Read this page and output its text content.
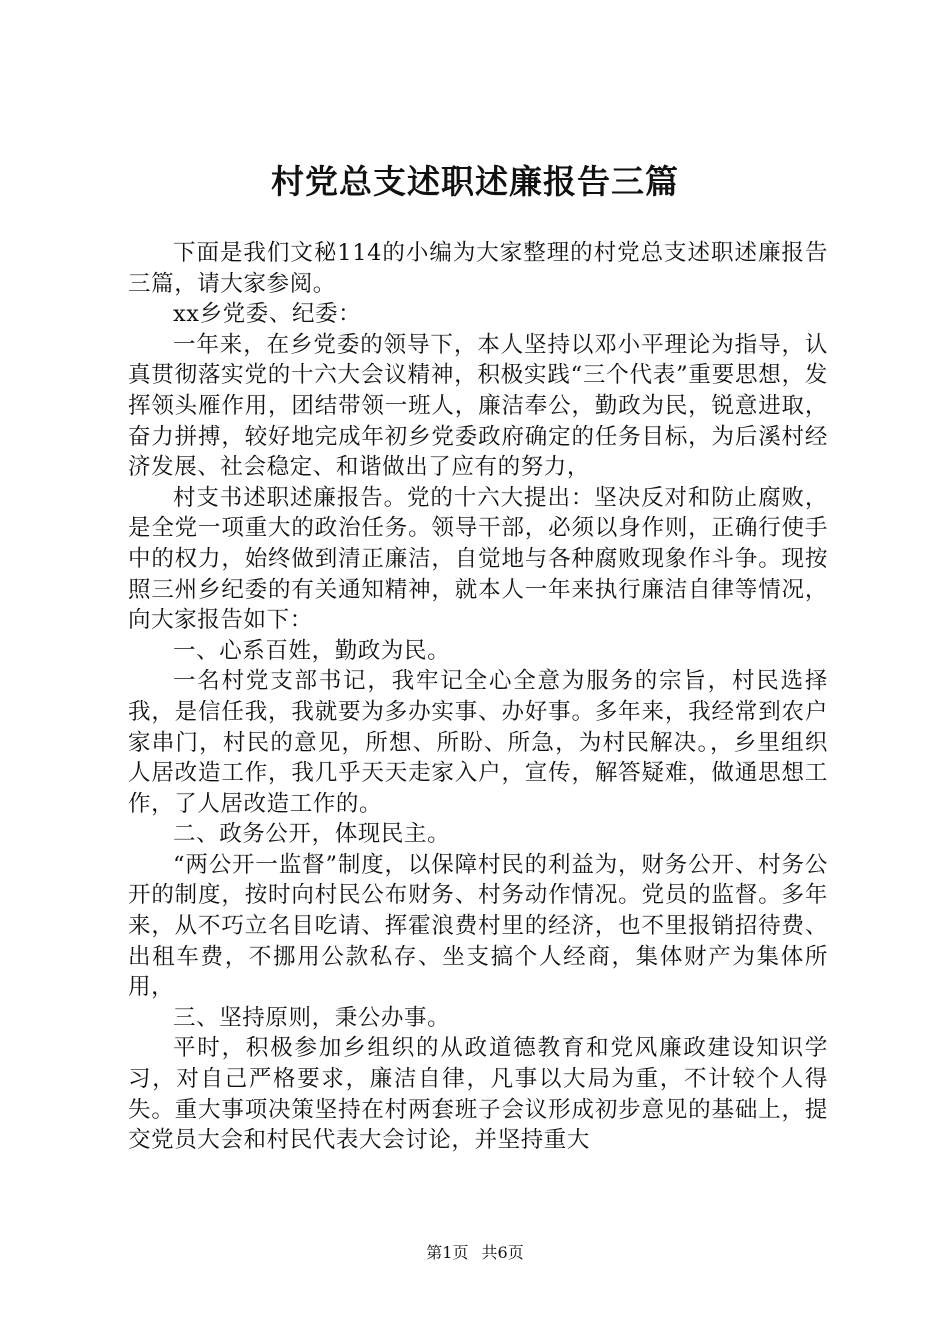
村党总支述职述廉报告三篇

下面是我们文秘114的小编为大家整理的村党总支述职述廉报告三篇，请大家参阅。

xx乡党委、纪委：

一年来，在乡党委的领导下，本人坚持以邓小平理论为指导，认真贯彻落实党的十六大会议精神，积极实践“三个代表”重要思想，发挥领头雁作用，团结带领一班人，廉洁奉公，勤政为民，锐意进取，奋力拼搏，较好地完成年初乡党委政府确定的任务目标，为后溪村经济发展、社会稳定、和谐做出了应有的努力，

村支书述职述廉报告。党的十六大提出：坚决反对和防止腐败，是全党一项重大的政治任务。领导干部，必须以身作则，正确行使手中的权力，始终做到清正廉洁，自觉地与各种腐败现象作斗争。现按照三州乡纪委的有关通知精神，就本人一年来执行廉洁自律等情况，向大家报告如下：

一、心系百姓，勤政为民。

一名村党支部书记，我牢记全心全意为服务的宗旨，村民选择我，是信任我，我就要为多办实事、办好事。多年来，我经常到农户家串门，村民的意见，所想、所盼、所急，为村民解决。，乡里组织人居改造工作，我几乎天天走家入户，宣传，解答疑难，做通思想工作，了人居改造工作的。

二、政务公开，体现民主。

“两公开一监督”制度，以保障村民的利益为，财务公开、村务公开的制度，按时向村民公布财务、村务动作情况。党员的监督。多年来，从不巧立名目吃请、挥霍浪费村里的经济，也不里报销招待费、出租车费，不挪用公款私存、坐支搞个人经商，集体财产为集体所用，

三、坚持原则，秉公办事。

平时，积极参加乡组织的从政道德教育和党风廉政建设知识学习，对自己严格要求，廉洁自律，凡事以大局为重，不计较个人得失。重大事项决策坚持在村两套班子会议形成初步意见的基础上，提交党员大会和村民代表大会讨论，并坚持重大

第1页 共6页
